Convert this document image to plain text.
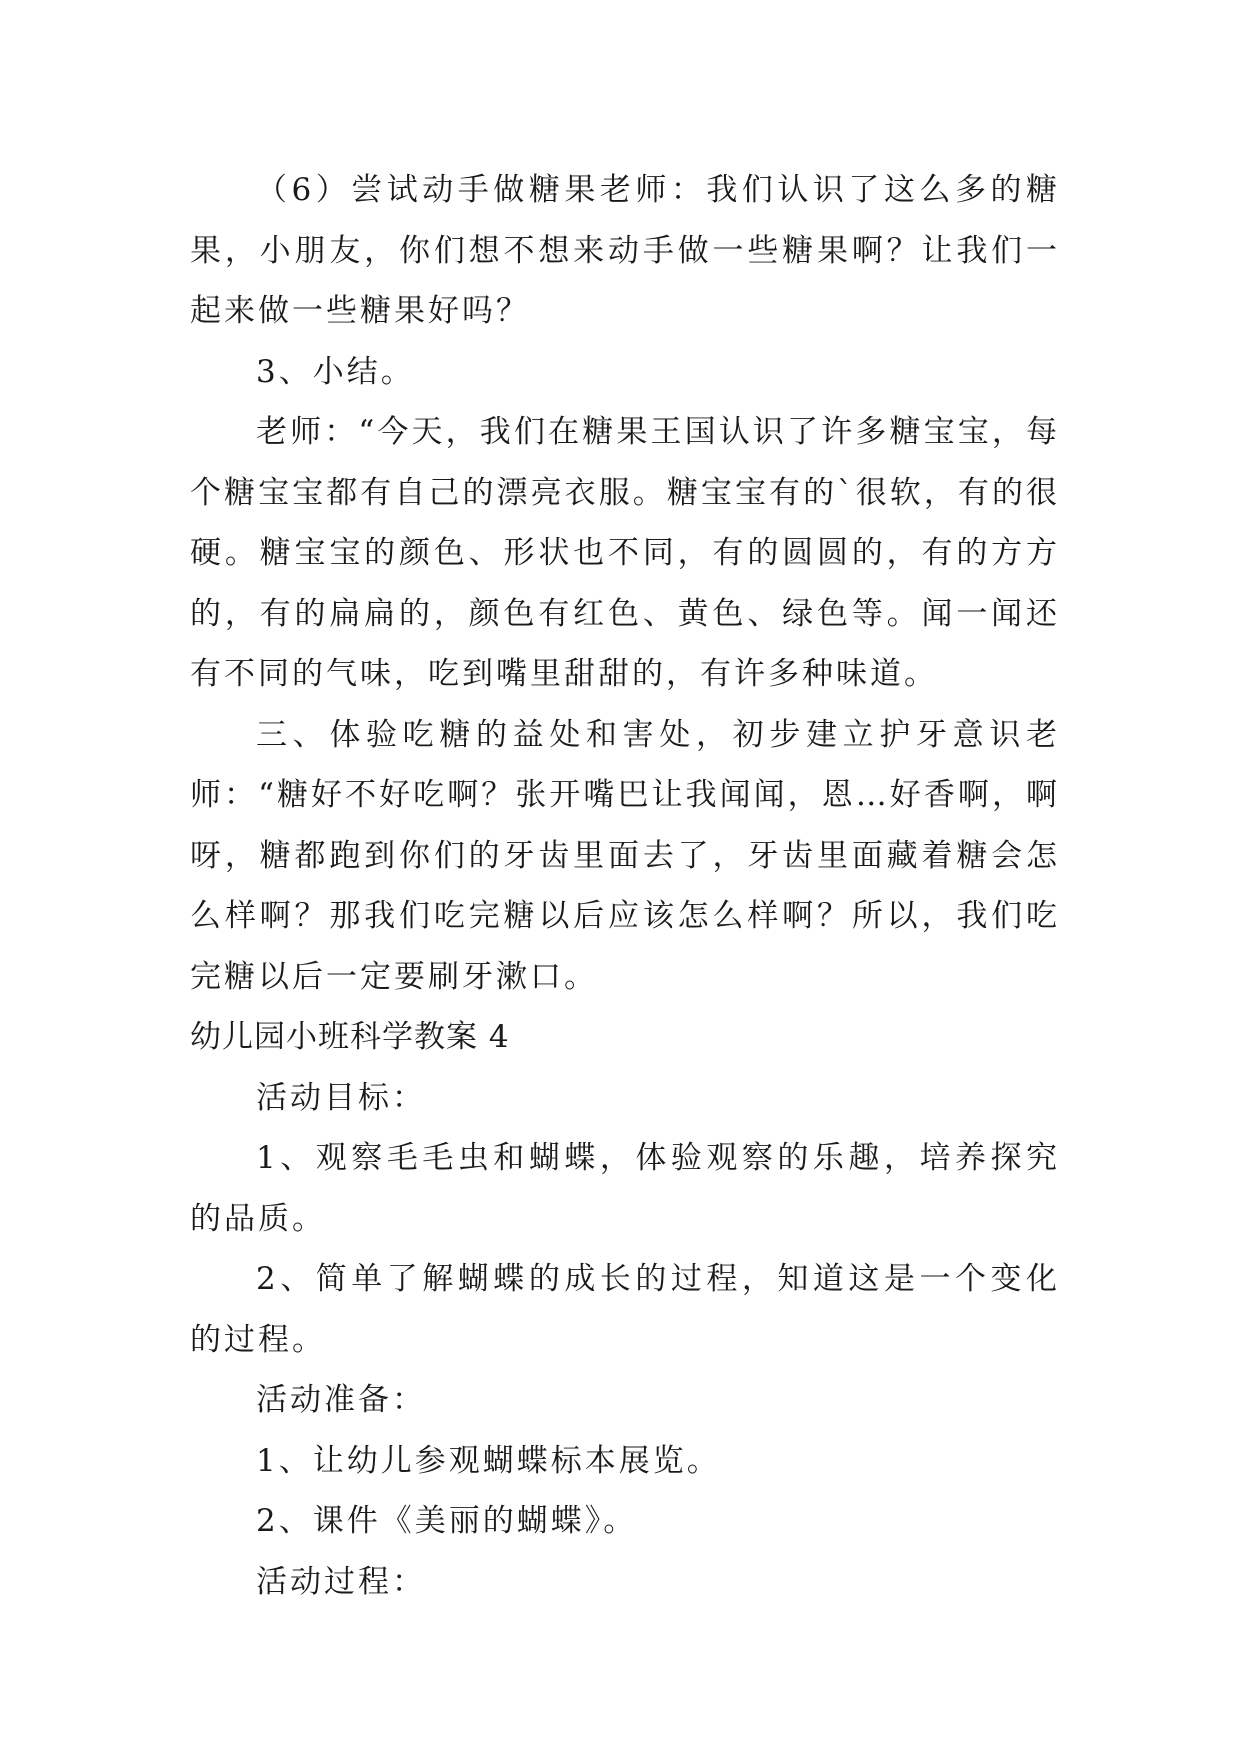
（6）尝试动手做糖果老师：我们认识了这么多的糖果，小朋友，你们想不想来动手做一些糖果啊？让我们一起来做一些糖果好吗？

3、小结。

老师：“今天，我们在糖果王国认识了许多糖宝宝，每个糖宝宝都有自己的漂亮衣服。糖宝宝有的`很软，有的很硬。糖宝宝的颜色、形状也不同，有的圆圆的，有的方方的，有的扁扁的，颜色有红色、黄色、绿色等。闻一闻还有不同的气味，吃到嘴里甜甜的，有许多种味道。

三、体验吃糖的益处和害处，初步建立护牙意识老师：“糖好不好吃啊？张开嘴巴让我闻闻，恩…好香啊，啊呀，糖都跑到你们的牙齿里面去了，牙齿里面藏着糖会怎么样啊？那我们吃完糖以后应该怎么样啊？所以，我们吃完糖以后一定要刷牙漱口。

幼儿园小班科学教案 4

活动目标：

1、观察毛毛虫和蝴蝶，体验观察的乐趣，培养探究的品质。

2、简单了解蝴蝶的成长的过程，知道这是一个变化的过程。

活动准备：

1、让幼儿参观蝴蝶标本展览。

2、课件《美丽的蝴蝶》。

活动过程：
